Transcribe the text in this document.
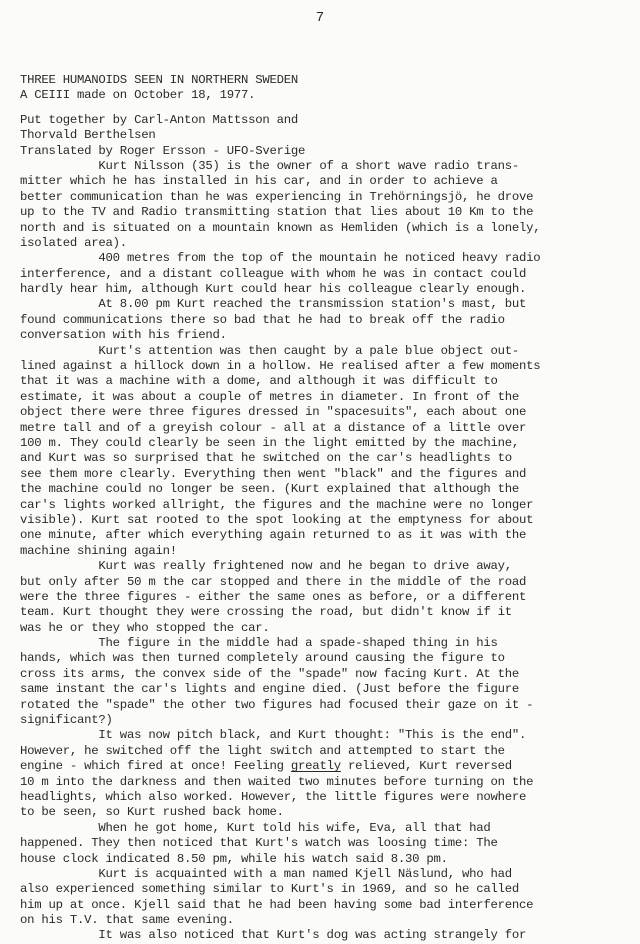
7
THREE HUMANOIDS SEEN IN NORTHERN SWEDEN
A CEIII made on October 18, 1977.
Put together by Carl-Anton Mattsson and
Thorvald Berthelsen
Translated by Roger Ersson - UFO-Sverige
Kurt Nilsson (35) is the owner of a short wave radio trans-
mitter which he has installed in his car, and in order to achieve a
better communication than he was experiencing in Trehörningsjö, he drove
up to the TV and Radio transmitting station that lies about 10 Km to the
north and is situated on a mountain known as Hemliden (which is a lonely,
isolated area).
400 metres from the top of the mountain he noticed heavy radio
interference, and a distant colleague with whom he was in contact could
hardly hear him, although Kurt could hear his colleague clearly enough.
At 8.00 pm Kurt reached the transmission station's mast, but
found communications there so bad that he had to break off the radio
conversation with his friend.
Kurt's attention was then caught by a pale blue object out-
lined against a hillock down in a hollow. He realised after a few moments
that it was a machine with a dome, and although it was difficult to
estimate, it was about a couple of metres in diameter. In front of the
object there were three figures dressed in "spacesuits", each about one
metre tall and of a greyish colour - all at a distance of a little over
100 m. They could clearly be seen in the light emitted by the machine,
and Kurt was so surprised that he switched on the car's headlights to
see them more clearly. Everything then went "black" and the figures and
the machine could no longer be seen. (Kurt explained that although the
car's lights worked allright, the figures and the machine were no longer
visible). Kurt sat rooted to the spot looking at the emptyness for about
one minute, after which everything again returned to as it was with the
machine shining again!
Kurt was really frightened now and he began to drive away,
but only after 50 m the car stopped and there in the middle of the road
were the three figures - either the same ones as before, or a different
team. Kurt thought they were crossing the road, but didn't know if it
was he or they who stopped the car.
The figure in the middle had a spade-shaped thing in his
hands, which was then turned completely around causing the figure to
cross its arms, the convex side of the "spade" now facing Kurt. At the
same instant the car's lights and engine died. (Just before the figure
rotated the "spade" the other two figures had focused their gaze on it -
significant?)
It was now pitch black, and Kurt thought: "This is the end".
However, he switched off the light switch and attempted to start the
engine - which fired at once! Feeling greatly relieved, Kurt reversed
10 m into the darkness and then waited two minutes before turning on the
headlights, which also worked. However, the little figures were nowhere
to be seen, so Kurt rushed back home.
When he got home, Kurt told his wife, Eva, all that had
happened. They then noticed that Kurt's watch was loosing time: The
house clock indicated 8.50 pm, while his watch said 8.30 pm.
Kurt is acquainted with a man named Kjell Näslund, who had
also experienced something similar to Kurt's in 1969, and so he called
him up at once. Kjell said that he had been having some bad interference
on his T.V. that same evening.
It was also noticed that Kurt's dog was acting strangely for
